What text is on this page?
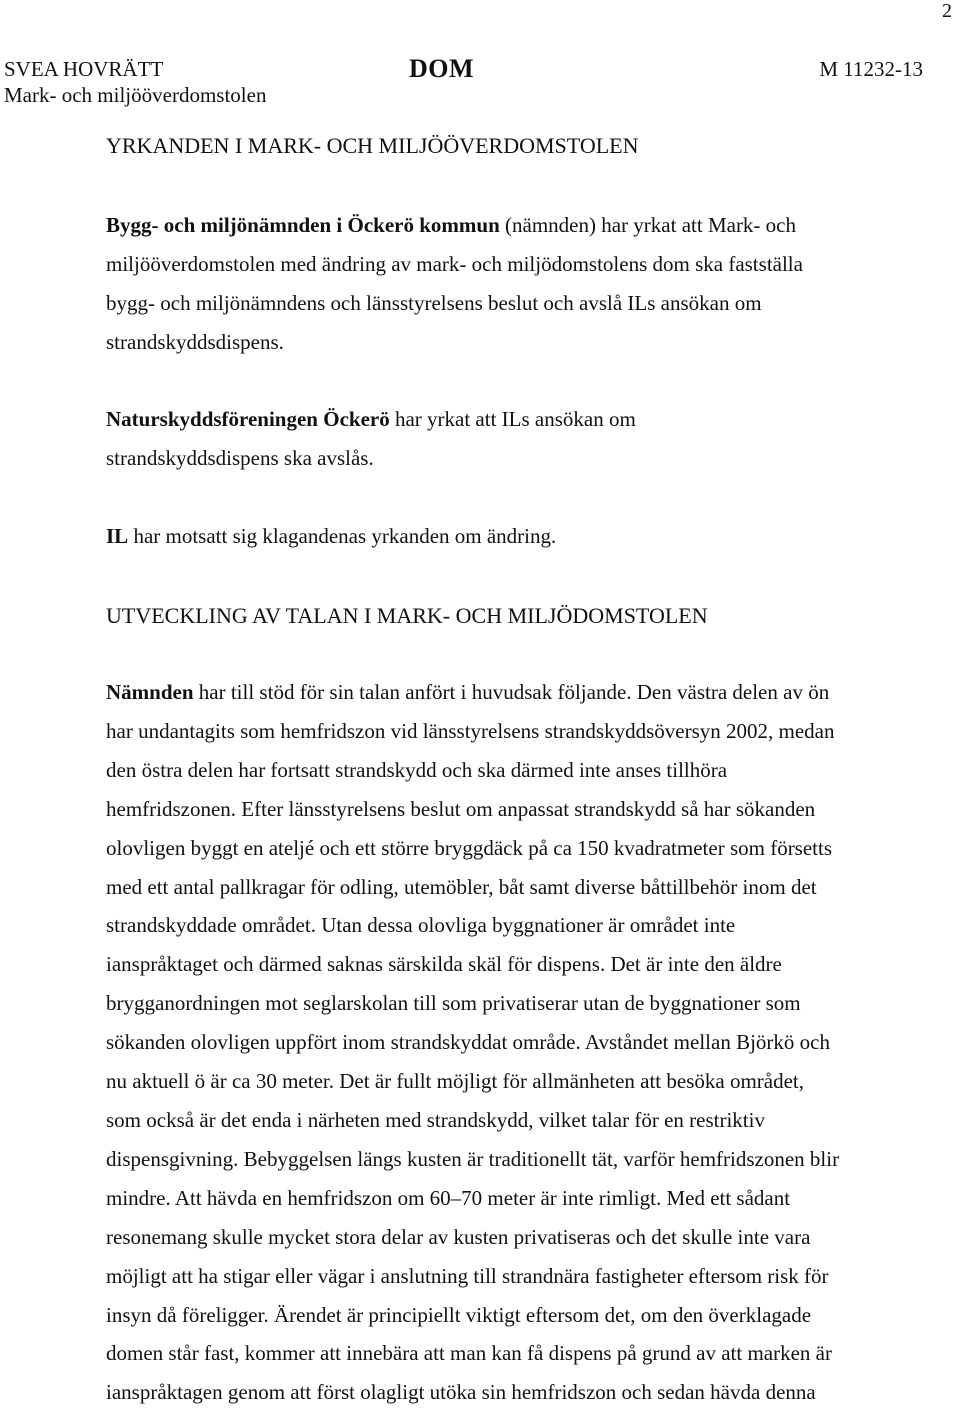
2
SVEA HOVRÄTT
Mark- och miljööverdomstolen
DOM	M 11232-13
YRKANDEN I MARK- OCH MILJÖÖVERDOMSTOLEN
Bygg- och miljönämnden i Öckerö kommun (nämnden) har yrkat att Mark- och
miljööverdomstolen med ändring av mark- och miljödomstolens dom ska fastställa
bygg- och miljönämndens och länsstyrelsens beslut och avslå ILs ansökan om
strandskyddsdispens.
Naturskyddsföreningen Öckerö har yrkat att ILs ansökan om
strandskyddsdispens ska avslås.
IL har motsatt sig klagandenas yrkanden om ändring.
UTVECKLING AV TALAN I MARK- OCH MILJÖDOMSTOLEN
Nämnden har till stöd för sin talan anfört i huvudsak följande. Den västra delen av ön
har undantagits som hemfridszon vid länsstyrelsens strandskyddsöversyn 2002, medan
den östra delen har fortsatt strandskydd och ska därmed inte anses tillhöra
hemfridszonen. Efter länsstyrelsens beslut om anpassat strandskydd så har sökanden
olovligen byggt en ateljé och ett större bryggdäck på ca 150 kvadratmeter som försetts
med ett antal pallkragar för odling, utemöbler, båt samt diverse båttillbehör inom det
strandskyddade området. Utan dessa olovliga byggnationer är området inte
ianspråktaget och därmed saknas särskilda skäl för dispens. Det är inte den äldre
brygganordningen mot seglarskolan till som privatiserar utan de byggnationer som
sökanden olovligen uppfört inom strandskyddat område. Avståndet mellan Björkö och
nu aktuell ö är ca 30 meter. Det är fullt möjligt för allmänheten att besöka området,
som också är det enda i närheten med strandskydd, vilket talar för en restriktiv
dispensgivning. Bebyggelsen längs kusten är traditionellt tät, varför hemfridszonen blir
mindre. Att hävda en hemfridszon om 60–70 meter är inte rimligt. Med ett sådant
resonemang skulle mycket stora delar av kusten privatiseras och det skulle inte vara
möjligt att ha stigar eller vägar i anslutning till strandnära fastigheter eftersom risk för
insyn då föreligger. Ärendet är principiellt viktigt eftersom det, om den överklagade
domen står fast, kommer att innebära att man kan få dispens på grund av att marken är
ianspråktagen genom att först olagligt utöka sin hemfridszon och sedan hävda denna
